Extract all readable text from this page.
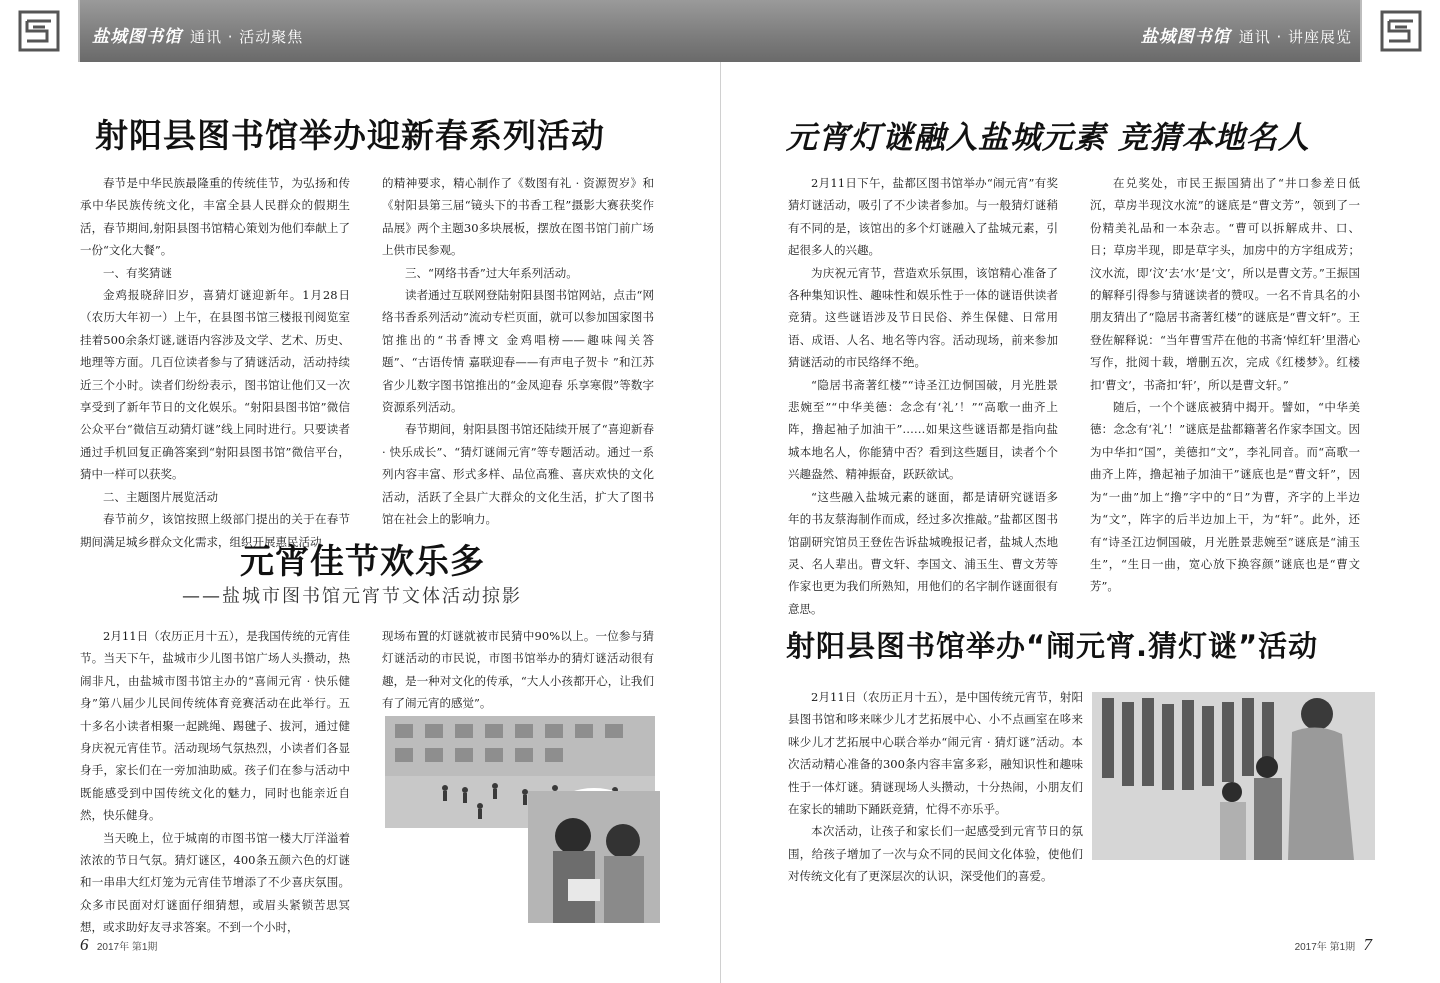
盐城图书馆 通讯 · 活动聚焦
射阳县图书馆举办迎新春系列活动

春节是中华民族最隆重的传统佳节，为弘扬和传承中华民族传统文化，丰富全县人民群众的假期生活，春节期间,射阳县图书馆精心策划为他们奉献上了一份“文化大餐”。

一、有奖猜谜

金鸡报晓辞旧岁，喜猜灯谜迎新年。1月28日（农历大年初一）上午，在县图书馆三楼报刊阅览室挂着500余条灯谜,谜语内容涉及文学、艺术、历史、地理等方面。几百位读者参与了猜谜活动，活动持续近三个小时。读者们纷纷表示，图书馆让他们又一次享受到了新年节日的文化娱乐。“射阳县图书馆”微信公众平台“微信互动猜灯谜”线上同时进行。只要读者通过手机回复正确答案到“射阳县图书馆”微信平台，猜中一样可以获奖。

二、主题图片展览活动

春节前夕，该馆按照上级部门提出的关于在春节期间满足城乡群众文化需求，组织开展惠民活动

的精神要求，精心制作了《数图有礼 · 资源贺岁》和《射阳县第三届“镜头下的书香工程”摄影大赛获奖作品展》两个主题30多块展板，摆放在图书馆门前广场上供市民参观。

三、“网络书香”过大年系列活动。

读者通过互联网登陆射阳县图书馆网站，点击“网络书香系列活动”流动专栏页面，就可以参加国家图书馆推出的“书香博文 金鸡唱榜——趣味闯关答题”、“古语传情 嘉联迎春——有声电子贺卡 ”和江苏省少儿数字图书馆推出的“金凤迎春 乐享寒假”等数字资源系列活动。

春节期间，射阳县图书馆还陆续开展了“喜迎新春 · 快乐成长”、“猜灯谜闹元宵”等专题活动。通过一系列内容丰富、形式多样、品位高雅、喜庆欢快的文化活动，活跃了全县广大群众的文化生活，扩大了图书馆在社会上的影响力。

元宵佳节欢乐多
——盐城市图书馆元宵节文体活动掠影

2月11日（农历正月十五），是我国传统的元宵佳节。当天下午，盐城市少儿图书馆广场人头攒动，热闹非凡，由盐城市图书馆主办的“喜闹元宵 · 快乐健身”第八届少儿民间传统体育竞赛活动在此举行。五十多名小读者相聚一起跳绳、踢毽子、拔河，通过健身庆祝元宵佳节。活动现场气氛热烈，小读者们各显身手，家长们在一旁加油助威。孩子们在参与活动中既能感受到中国传统文化的魅力，同时也能亲近自然，快乐健身。

当天晚上，位于城南的市图书馆一楼大厅洋溢着浓浓的节日气氛。猜灯谜区，400条五颜六色的灯谜和一串串大红灯笼为元宵佳节增添了不少喜庆氛围。众多市民面对灯谜面仔细猜想，或眉头紧锁苦思冥想，或求助好友寻求答案。不到一个小时，

现场布置的灯谜就被市民猜中90%以上。一位参与猜灯谜活动的市民说，市图书馆举办的猜灯谜活动很有趣，是一种对文化的传承，“大人小孩都开心，让我们有了闹元宵的感觉”。

6 2017年 第1期
盐城图书馆 通讯 · 讲座展览
元宵灯谜融入盐城元素 竞猜本地名人

2月11日下午，盐都区图书馆举办“闹元宵”有奖猜灯谜活动，吸引了不少读者参加。与一般猜灯谜稍有不同的是，该馆出的多个灯谜融入了盐城元素，引起很多人的兴趣。

为庆祝元宵节，营造欢乐氛围，该馆精心准备了各种集知识性、趣味性和娱乐性于一体的谜语供读者竞猜。这些谜语涉及节日民俗、养生保健、日常用语、成语、人名、地名等内容。活动现场，前来参加猜谜活动的市民络绎不绝。

“隐居书斋著红楼”“诗圣江边恫国破，月光胜景悲婉至”“中华美德：念念有‘礼’！”“高歌一曲齐上阵，撸起袖子加油干”……如果这些谜语都是指向盐城本地名人，你能猜中否？看到这些题目，读者个个兴趣盎然、精神振奋，跃跃欲试。

“这些融入盐城元素的谜面，都是请研究谜语多年的书友蔡海制作而成，经过多次推敲。”盐都区图书馆副研究馆员王登佐告诉盐城晚报记者，盐城人杰地灵、名人辈出。曹文轩、李国文、浦玉生、曹文芳等作家也更为我们所熟知，用他们的名字制作谜面很有意思。

在兑奖处，市民王振国猜出了“井口参差日低沉，草房半现汶水流”的谜底是“曹文芳”，领到了一份精美礼品和一本杂志。“曹可以拆解成井、口、日；草房半现，即是草字头，加房中的方字组成芳；汶水流，即‘汶’去‘水’是‘文’，所以是曹文芳。”王振国的解释引得参与猜谜读者的赞叹。一名不肯具名的小朋友猜出了“隐居书斋著红楼”的谜底是“曹文轩”。王登佐解释说：“当年曹雪芹在他的书斋‘悼红轩’里潜心写作，批阅十载，增删五次，完成《红楼梦》。红楼扣‘曹文’，书斋扣‘轩’，所以是曹文轩。”

随后，一个个谜底被猜中揭开。譬如，“中华美德：念念有‘礼’！”谜底是盐都籍著名作家李国文。因为中华扣“国”，美德扣“文”，李礼同音。而“高歌一曲齐上阵，撸起袖子加油干”谜底也是“曹文轩”，因为“一曲”加上“撸”字中的“日”为曹，齐字的上半边为“文”，阵字的后半边加上干，为“轩”。此外，还有“诗圣江边恫国破，月光胜景悲婉至”谜底是“浦玉生”，“生日一曲，宽心放下换容颜”谜底也是“曹文芳”。

射阳县图书馆举办“闹元宵.猜灯谜”活动

2月11日（农历正月十五），是中国传统元宵节，射阳县图书馆和哆来咪少儿才艺拓展中心、小不点画室在哆来咪少儿才艺拓展中心联合举办“闹元宵 · 猜灯谜”活动。本次活动精心准备的300条内容丰富多彩，融知识性和趣味性于一体灯谜。猜谜现场人头攒动，十分热闹，小朋友们在家长的辅助下踊跃竞猜，忙得不亦乐乎。

本次活动，让孩子和家长们一起感受到元宵节日的氛围，给孩子增加了一次与众不同的民间文化体验，使他们对传统文化有了更深层次的认识，深受他们的喜爱。

2017年 第1期 7
